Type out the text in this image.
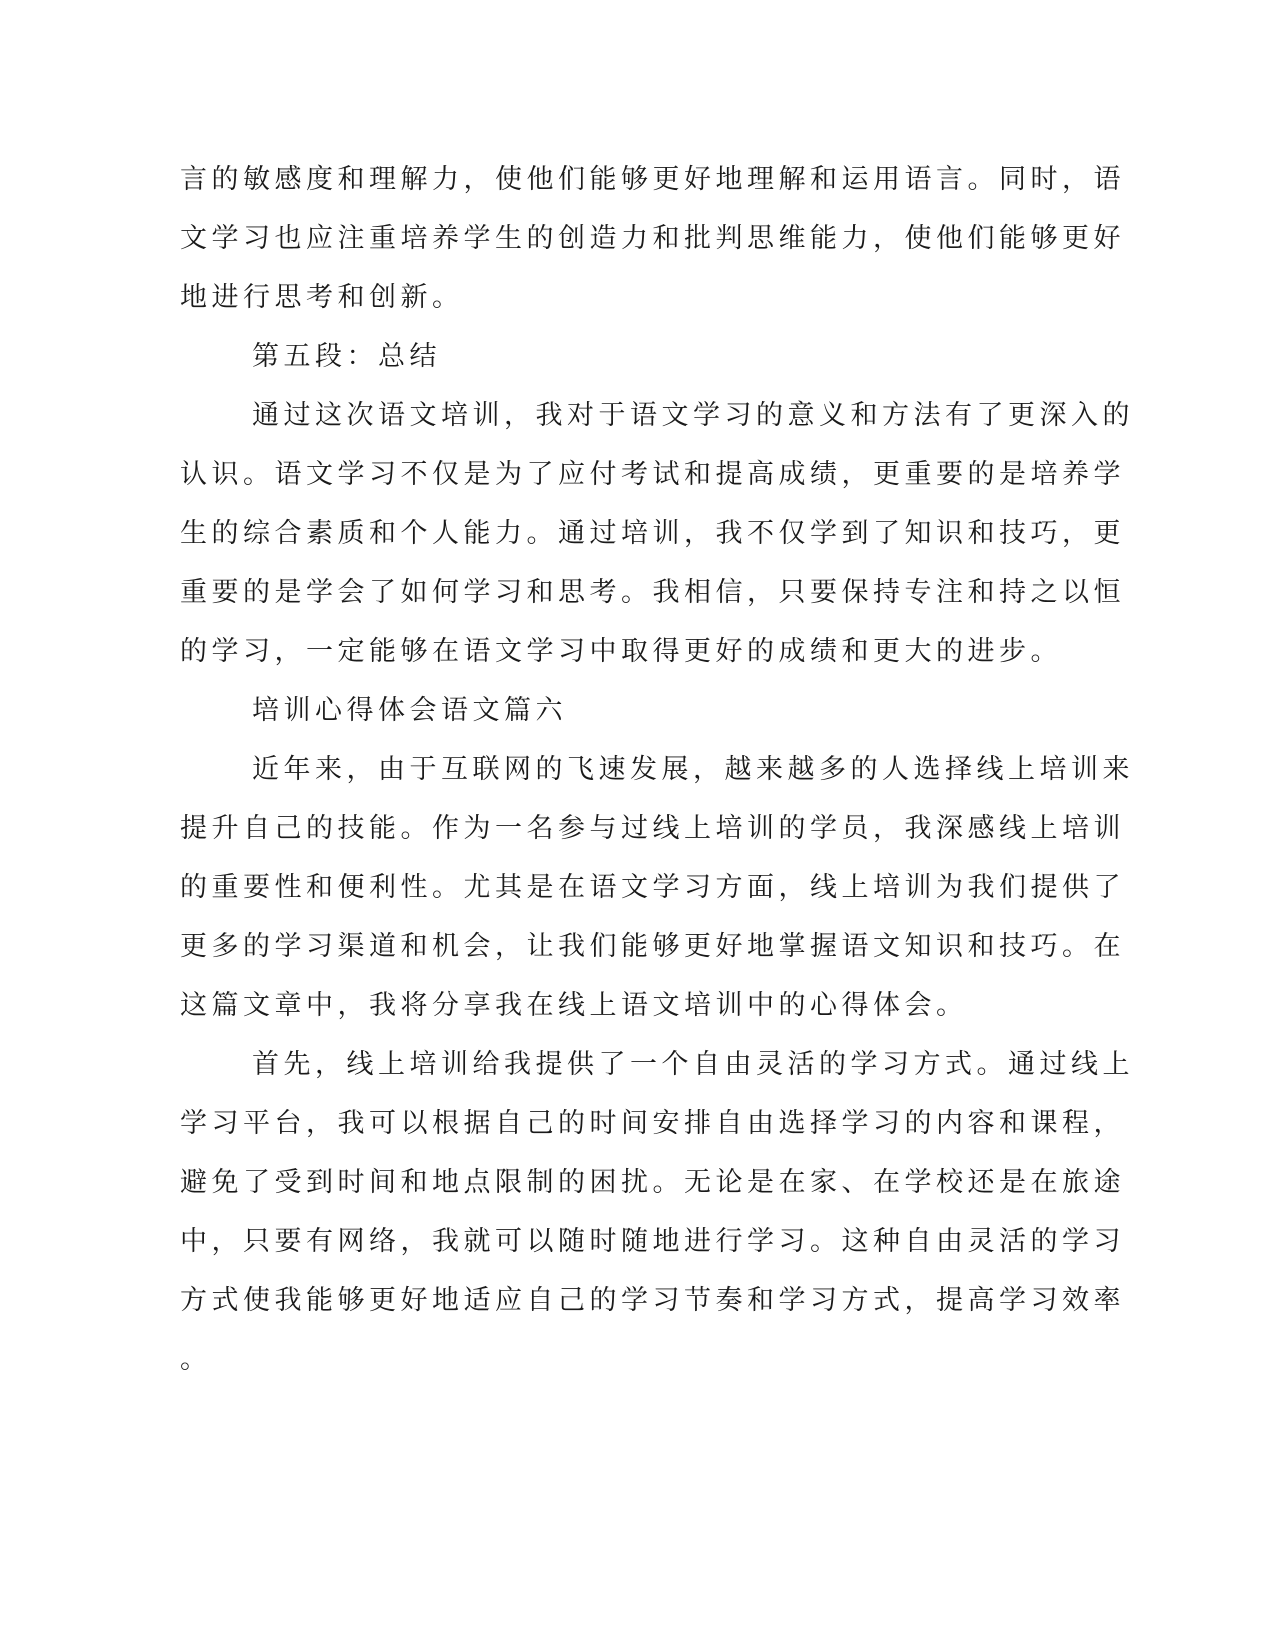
言的敏感度和理解力，使他们能够更好地理解和运用语言。同时，语
文学习也应注重培养学生的创造力和批判思维能力，使他们能够更好
地进行思考和创新。
第五段：总结
通过这次语文培训，我对于语文学习的意义和方法有了更深入的
认识。语文学习不仅是为了应付考试和提高成绩，更重要的是培养学
生的综合素质和个人能力。通过培训，我不仅学到了知识和技巧，更
重要的是学会了如何学习和思考。我相信，只要保持专注和持之以恒
的学习，一定能够在语文学习中取得更好的成绩和更大的进步。
培训心得体会语文篇六
近年来，由于互联网的飞速发展，越来越多的人选择线上培训来
提升自己的技能。作为一名参与过线上培训的学员，我深感线上培训
的重要性和便利性。尤其是在语文学习方面，线上培训为我们提供了
更多的学习渠道和机会，让我们能够更好地掌握语文知识和技巧。在
这篇文章中，我将分享我在线上语文培训中的心得体会。
首先，线上培训给我提供了一个自由灵活的学习方式。通过线上
学习平台，我可以根据自己的时间安排自由选择学习的内容和课程，
避免了受到时间和地点限制的困扰。无论是在家、在学校还是在旅途
中，只要有网络，我就可以随时随地进行学习。这种自由灵活的学习
方式使我能够更好地适应自己的学习节奏和学习方式，提高学习效率
。
